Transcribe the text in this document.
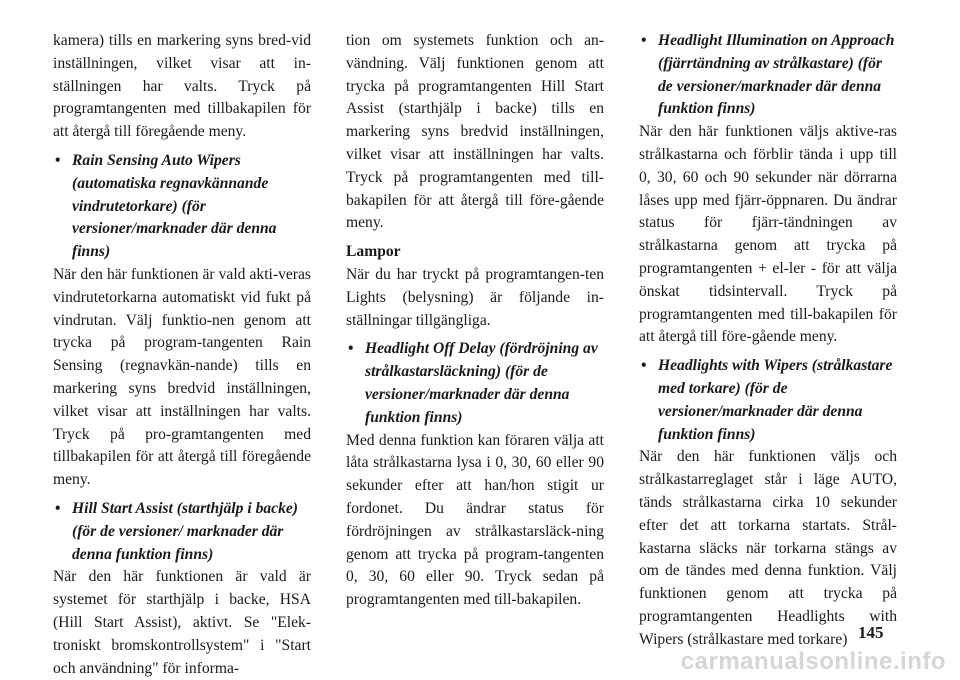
kamera) tills en markering syns bred-vid inställningen, vilket visar att in-ställningen har valts. Tryck på programtangenten med tillbakapilen för att återgå till föregående meny.

• Rain Sensing Auto Wipers (automatiska regnavkännande vindrutetorkare) (för versioner/marknader där denna finns)

När den här funktionen är vald akti-veras vindrutetorkarna automatiskt vid fukt på vindrutan. Välj funktio-nen genom att trycka på program-tangenten Rain Sensing (regnavkän-nande) tills en markering syns bredvid inställningen, vilket visar att inställningen har valts. Tryck på pro-gramtangenten med tillbakapilen för att återgå till föregående meny.

• Hill Start Assist (starthjälp i backe) (för de versioner/ marknader där denna funktion finns)

När den här funktionen är vald är systemet för starthjälp i backe, HSA (Hill Start Assist), aktivt. Se "Elek-troniskt bromskontrollsystem" i "Start och användning" för informa-

tion om systemets funktion och an-vändning. Välj funktionen genom att trycka på programtangenten Hill Start Assist (starthjälp i backe) tills en markering syns bredvid inställningen, vilket visar att inställningen har valts. Tryck på programtangenten med till-bakapilen för att återgå till före-gående meny.

Lampor

När du har tryckt på programtangen-ten Lights (belysning) är följande in-ställningar tillgängliga.

• Headlight Off Delay (fördröjning av strålkastarsläckning) (för de versioner/marknader där denna funktion finns)

Med denna funktion kan föraren välja att låta strålkastarna lysa i 0, 30, 60 eller 90 sekunder efter att han/hon stigit ur fordonet. Du ändrar status för fördröjningen av strålkastarsläck-ning genom att trycka på program-tangenten 0, 30, 60 eller 90. Tryck sedan på programtangenten med till-bakapilen.

• Headlight Illumination on Approach (fjärrtändning av strålkastare) (för de versioner/marknader där denna funktion finns)

När den här funktionen väljs aktive-ras strålkastarna och förblir tända i upp till 0, 30, 60 och 90 sekunder när dörrarna låses upp med fjärr-öppnaren. Du ändrar status för fjärr-tändningen av strålkastarna genom att trycka på programtangenten + el-ler - för att välja önskat tidsintervall. Tryck på programtangenten med till-bakapilen för att återgå till före-gående meny.

• Headlights with Wipers (strålkastare med torkare) (för de versioner/marknader där denna funktion finns)

När den här funktionen väljs och strålkastarreglaget står i läge AUTO, tänds strålkastarna cirka 10 sekunder efter det att torkarna startats. Strål-kastarna släcks när torkarna stängs av om de tändes med denna funktion. Välj funktionen genom att trycka på programtangenten Headlights with Wipers (strålkastare med torkare) 145
carmanualsonline.info
